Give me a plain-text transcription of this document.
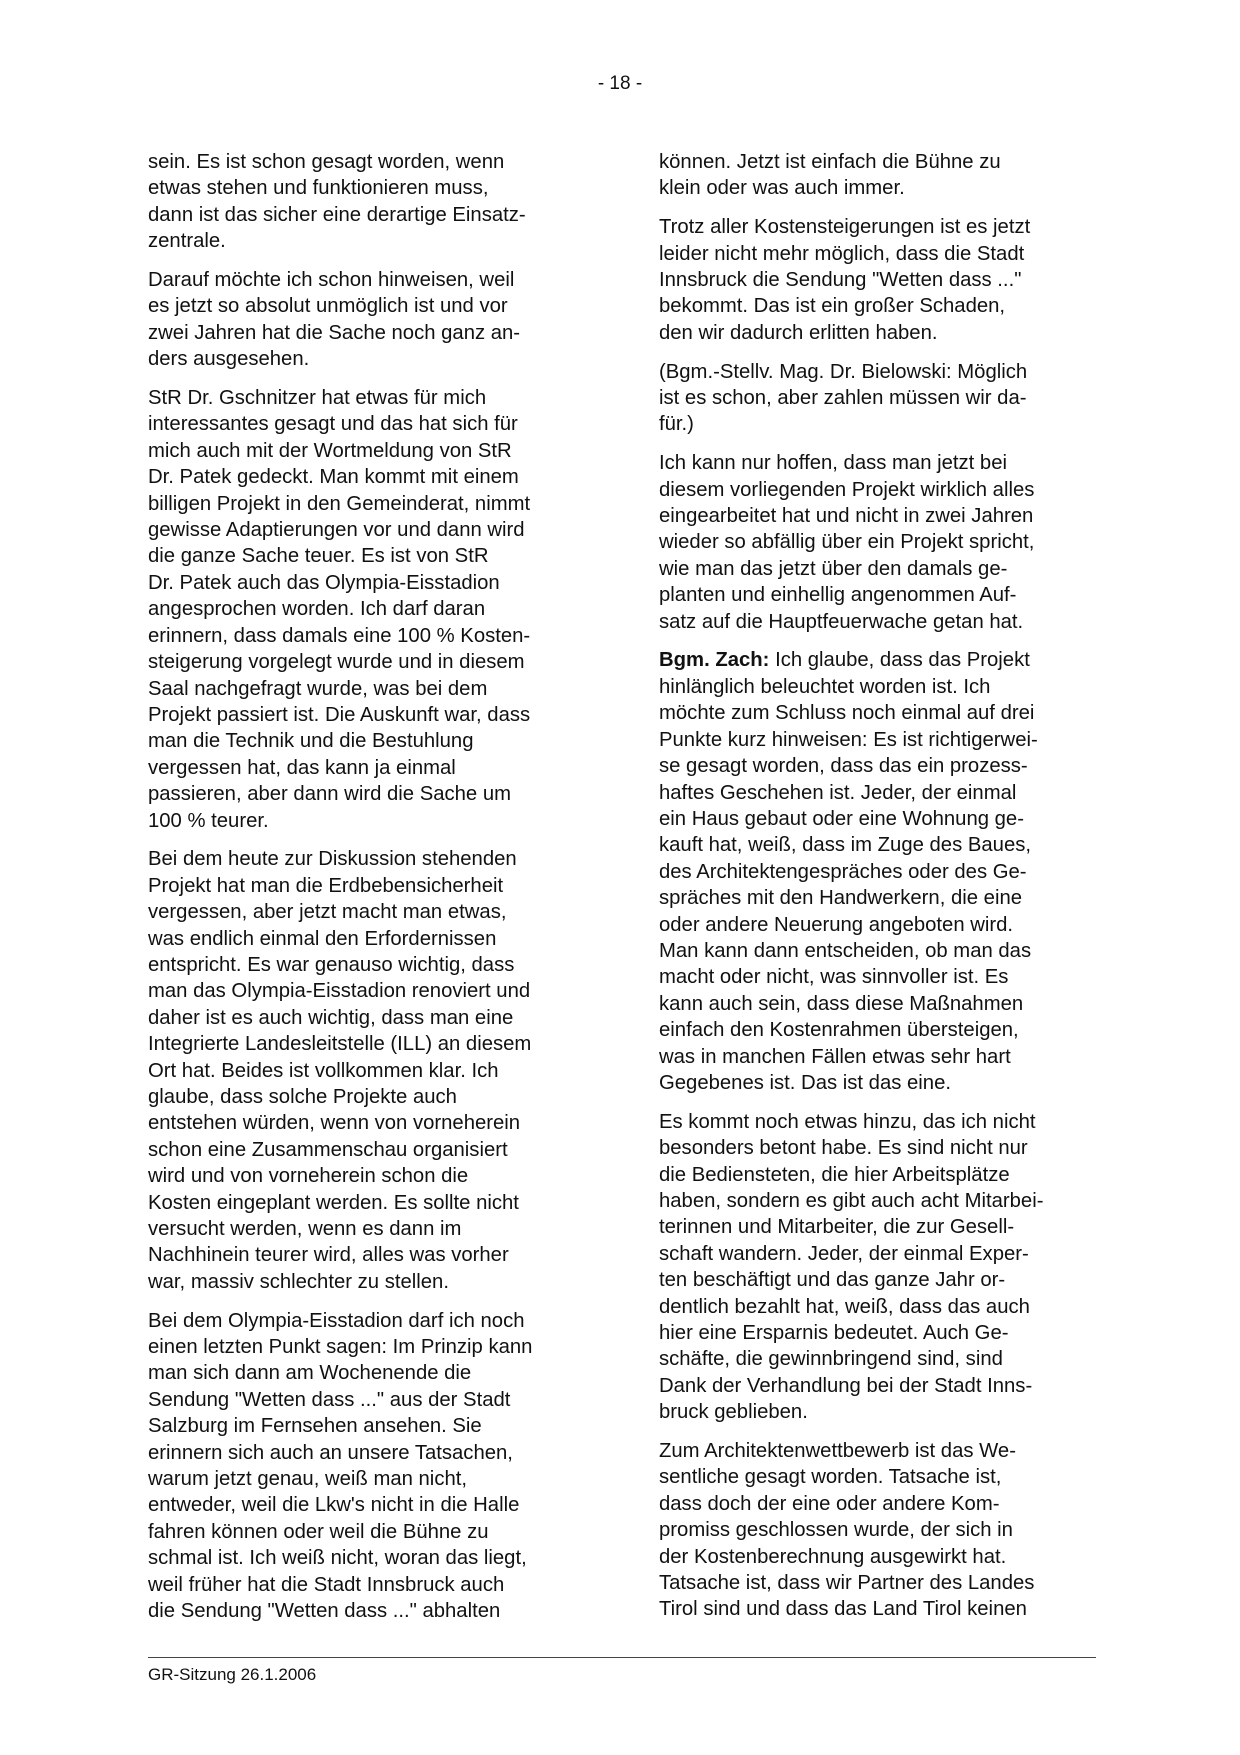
- 18 -

sein. Es ist schon gesagt worden, wenn
etwas stehen und funktionieren muss,
dann ist das sicher eine derartige Einsatz-
zentrale.

Darauf möchte ich schon hinweisen, weil
es jetzt so absolut unmöglich ist und vor
zwei Jahren hat die Sache noch ganz an-
ders ausgesehen.

StR Dr. Gschnitzer hat etwas für mich
interessantes gesagt und das hat sich für
mich auch mit der Wortmeldung von StR
Dr. Patek gedeckt. Man kommt mit einem
billigen Projekt in den Gemeinderat, nimmt
gewisse Adaptierungen vor und dann wird
die ganze Sache teuer. Es ist von StR
Dr. Patek auch das Olympia-Eisstadion
angesprochen worden. Ich darf daran
erinnern, dass damals eine 100 % Kosten-
steigerung vorgelegt wurde und in diesem
Saal nachgefragt wurde, was bei dem
Projekt passiert ist. Die Auskunft war, dass
man die Technik und die Bestuhlung
vergessen hat, das kann ja einmal
passieren, aber dann wird die Sache um
100 % teurer.

Bei dem heute zur Diskussion stehenden
Projekt hat man die Erdbebensicherheit
vergessen, aber jetzt macht man etwas,
was endlich einmal den Erfordernissen
entspricht. Es war genauso wichtig, dass
man das Olympia-Eisstadion renoviert und
daher ist es auch wichtig, dass man eine
Integrierte Landesleitstelle (ILL) an diesem
Ort hat. Beides ist vollkommen klar. Ich
glaube, dass solche Projekte auch
entstehen würden, wenn von vorneherein
schon eine Zusammenschau organisiert
wird und von vorneherein schon die
Kosten eingeplant werden. Es sollte nicht
versucht werden, wenn es dann im
Nachhinein teurer wird, alles was vorher
war, massiv schlechter zu stellen.

Bei dem Olympia-Eisstadion darf ich noch
einen letzten Punkt sagen: Im Prinzip kann
man sich dann am Wochenende die
Sendung "Wetten dass ..." aus der Stadt
Salzburg im Fernsehen ansehen. Sie
erinnern sich auch an unsere Tatsachen,
warum jetzt genau, weiß man nicht,
entweder, weil die Lkw's nicht in die Halle
fahren können oder weil die Bühne zu
schmal ist. Ich weiß nicht, woran das liegt,
weil früher hat die Stadt Innsbruck auch
die Sendung "Wetten dass ..." abhalten

können. Jetzt ist einfach die Bühne zu
klein oder was auch immer.

Trotz aller Kostensteigerungen ist es jetzt
leider nicht mehr möglich, dass die Stadt
Innsbruck die Sendung "Wetten dass ..."
bekommt. Das ist ein großer Schaden,
den wir dadurch erlitten haben.

(Bgm.-Stellv. Mag. Dr. Bielowski: Möglich
ist es schon, aber zahlen müssen wir da-
für.)

Ich kann nur hoffen, dass man jetzt bei
diesem vorliegenden Projekt wirklich alles
eingearbeitet hat und nicht in zwei Jahren
wieder so abfällig über ein Projekt spricht,
wie man das jetzt über den damals ge-
planten und einhellig angenommen Auf-
satz auf die Hauptfeuerwache getan hat.

Bgm. Zach: Ich glaube, dass das Projekt
hinlänglich beleuchtet worden ist. Ich
möchte zum Schluss noch einmal auf drei
Punkte kurz hinweisen: Es ist richtigerwei-
se gesagt worden, dass das ein prozess-
haftes Geschehen ist. Jeder, der einmal
ein Haus gebaut oder eine Wohnung ge-
kauft hat, weiß, dass im Zuge des Baues,
des Architektengespräches oder des Ge-
spräches mit den Handwerkern, die eine
oder andere Neuerung angeboten wird.
Man kann dann entscheiden, ob man das
macht oder nicht, was sinnvoller ist. Es
kann auch sein, dass diese Maßnahmen
einfach den Kostenrahmen übersteigen,
was in manchen Fällen etwas sehr hart
Gegebenes ist. Das ist das eine.

Es kommt noch etwas hinzu, das ich nicht
besonders betont habe. Es sind nicht nur
die Bediensteten, die hier Arbeitsplätze
haben, sondern es gibt auch acht Mitarbei-
terinnen und Mitarbeiter, die zur Gesell-
schaft wandern. Jeder, der einmal Exper-
ten beschäftigt und das ganze Jahr or-
dentlich bezahlt hat, weiß, dass das auch
hier eine Ersparnis bedeutet. Auch Ge-
schäfte, die gewinnbringend sind, sind
Dank der Verhandlung bei der Stadt Inns-
bruck geblieben.

Zum Architektenwettbewerb ist das We-
sentliche gesagt worden. Tatsache ist,
dass doch der eine oder andere Kom-
promiss geschlossen wurde, der sich in
der Kostenberechnung ausgewirkt hat.
Tatsache ist, dass wir Partner des Landes
Tirol sind und dass das Land Tirol keinen

GR-Sitzung 26.1.2006
